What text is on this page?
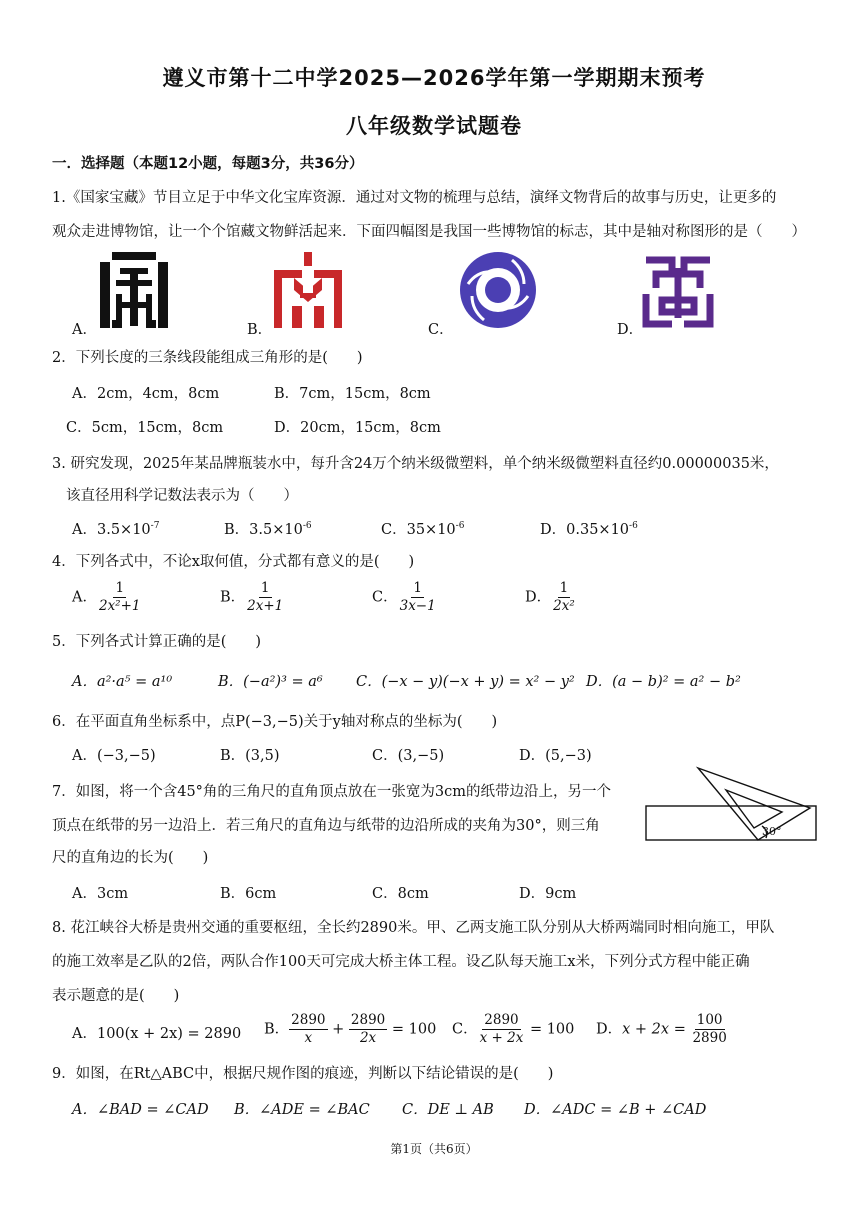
遵义市第十二中学2025—2026学年第一学期期末预考
八年级数学试题卷
一．选择题（本题12小题，每题3分，共36分）
1.《国家宝藏》节目立足于中华文化宝库资源．通过对文物的梳理与总结，演绎文物背后的故事与历史，让更多的
观众走进博物馆，让一个个馆藏文物鲜活起来．下面四幅图是我国一些博物馆的标志，其中是轴对称图形的是（　　）
A．	B．	C．	D．
2．下列长度的三条线段能组成三角形的是(　　)
A．2cm，4cm，8cm	B．7cm，15cm，8cm
C．5cm，15cm，8cm	D．20cm，15cm，8cm
3. 研究发现，2025年某品牌瓶装水中，每升含24万个纳米级微塑料，单个纳米级微塑料直径约0.00000035米，
该直径用科学记数法表示为（　　）
A．$3.5\times 10^{-7}$	B．$3.5\times 10^{-6}$	C．$35\times 10^{-6}$	D．$0.35\times 10^{-6}$
4．下列各式中，不论x取何值，分式都有意义的是(　　)
A． $\frac{1}{\text{2x²+1}}$	B． $\frac{1}{2x+1}$	C． $\frac{1}{3x-1}$	D． $\frac{1}{\text{2x²}}$
5．下列各式计算正确的是(　　)
A．a²·a⁵ = a¹⁰	B．(−a²)³ = a⁶ C．(−x − y)(−x + y) = x² − y² D．(a − b)² = a² − b²
6．在平面直角坐标系中，点P(−3,−5)关于y轴对称点的坐标为(　　)
A．(−3,−5)	B．(3,5)	C．(3,−5)	D．(5,−3)
7．如图，将一个含45°角的三角尺的直角顶点放在一张宽为3cm的纸带边沿上，另一个
顶点在纸带的另一边沿上．若三角尺的直角边与纸带的边沿所成的夹角为30°，则三角
尺的直角边的长为(　　)
30°
A．3cm	B．6cm	C．8cm	D．9cm
8. 花江峡谷大桥是贵州交通的重要枢纽，全长约2890米。甲、乙两支施工队分别从大桥两端同时相向施工，甲队
的施工效率是乙队的2倍，两队合作100天可完成大桥主体工程。设乙队每天施工x米，下列分式方程中能正确
表示题意的是(　　)
A．100(x + 2x) = 2890 B． $\frac{2890}{x} + \frac{2890}{2x} = 100$ C． $\frac{2890}{x + 2x} = 100$ D．$x + 2x = \frac{100}{2890}$
9．如图，在Rt△ABC中，根据尺规作图的痕迹，判断以下结论错误的是(　　)
A．∠BAD = ∠CAD B．∠ADE = ∠BAC C．DE ⊥ AB D．∠ADC = ∠B + ∠CAD
第1页（共6页）
